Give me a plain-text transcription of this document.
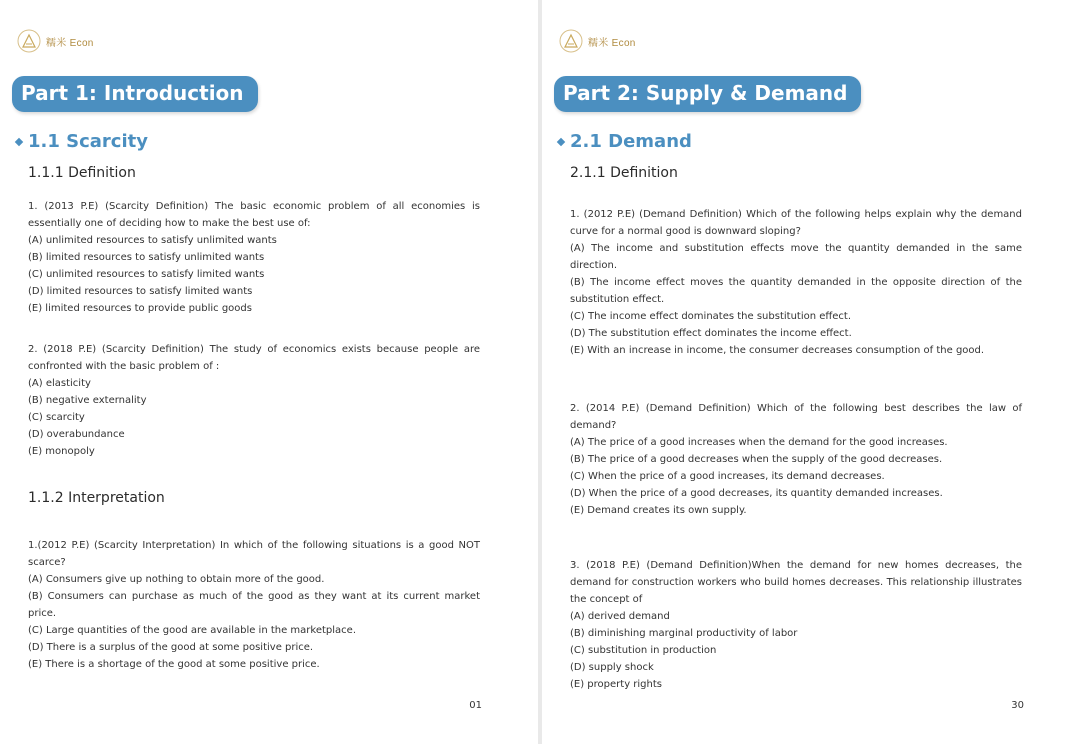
糯米 Econ
Part 1: Introduction
1.1 Scarcity
1.1.1 Definition
1. (2013 P.E) (Scarcity Definition) The basic economic problem of all economies is essentially one of deciding how to make the best use of:
(A) unlimited resources to satisfy unlimited wants
(B) limited resources to satisfy unlimited wants
(C) unlimited resources to satisfy limited wants
(D) limited resources to satisfy limited wants
(E) limited resources to provide public goods
2. (2018 P.E) (Scarcity Definition) The study of economics exists because people are confronted with the basic problem of :
(A) elasticity
(B) negative externality
(C) scarcity
(D) overabundance
(E) monopoly
1.1.2 Interpretation
1.(2012 P.E) (Scarcity Interpretation) In which of the following situations is a good NOT scarce?
(A) Consumers give up nothing to obtain more of the good.
(B) Consumers can purchase as much of the good as they want at its current market price.
(C) Large quantities of the good are available in the marketplace.
(D) There is a surplus of the good at some positive price.
(E) There is a shortage of the good at some positive price.
01
糯米 Econ
Part 2: Supply & Demand
2.1 Demand
2.1.1 Definition
1. (2012 P.E) (Demand Definition) Which of the following helps explain why the demand curve for a normal good is downward sloping?
(A) The income and substitution effects move the quantity demanded in the same direction.
(B) The income effect moves the quantity demanded in the opposite direction of the substitution effect.
(C) The income effect dominates the substitution effect.
(D) The substitution effect dominates the income effect.
(E) With an increase in income, the consumer decreases consumption of the good.
2. (2014 P.E) (Demand Definition) Which of the following best describes the law of demand?
(A) The price of a good increases when the demand for the good increases.
(B) The price of a good decreases when the supply of the good decreases.
(C) When the price of a good increases, its demand decreases.
(D) When the price of a good decreases, its quantity demanded increases.
(E) Demand creates its own supply.
3. (2018 P.E) (Demand Definition)When the demand for new homes decreases, the demand for construction workers who build homes decreases. This relationship illustrates the concept of
(A) derived demand
(B) diminishing marginal productivity of labor
(C) substitution in production
(D) supply shock
(E) property rights
30
